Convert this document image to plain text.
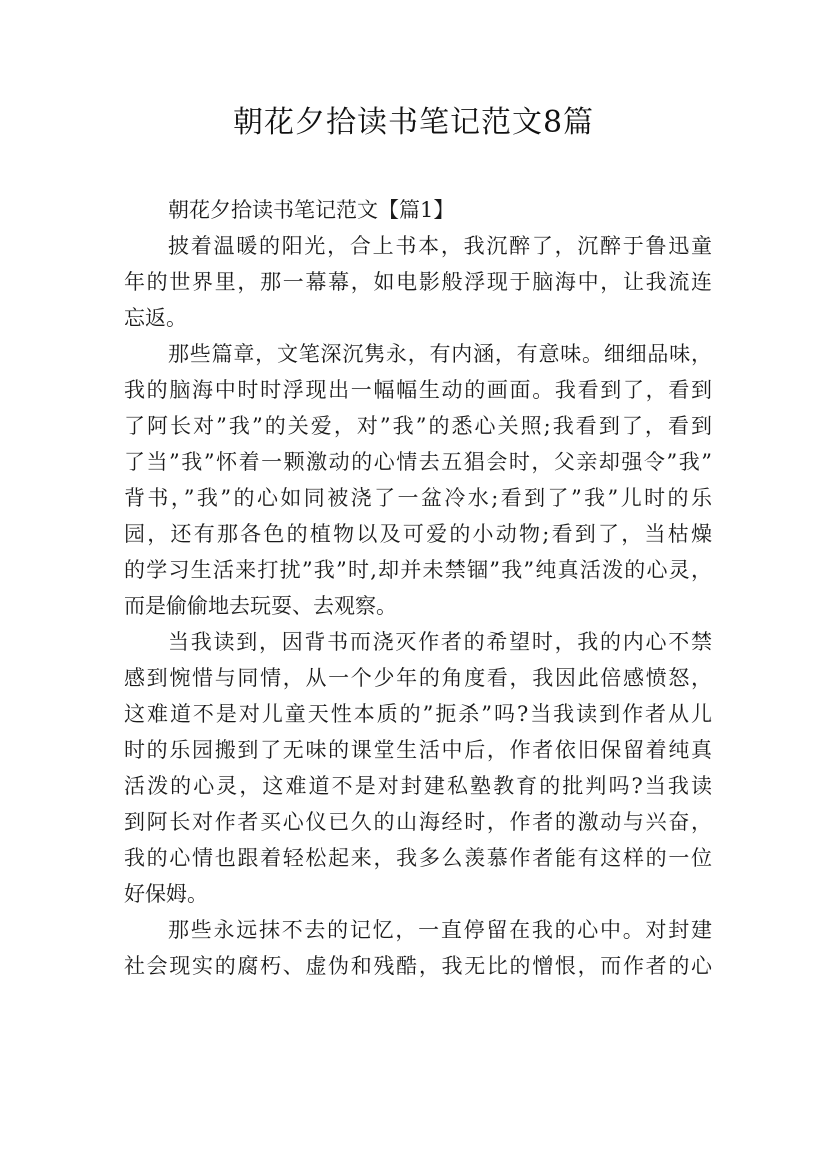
朝花夕拾读书笔记范文8篇

朝花夕拾读书笔记范文【篇1】

披着温暖的阳光，合上书本，我沉醉了，沉醉于鲁迅童
年的世界里，那一幕幕，如电影般浮现于脑海中，让我流连
忘返。

那些篇章，文笔深沉隽永，有内涵，有意味。细细品味，
我的脑海中时时浮现出一幅幅生动的画面。我看到了，看到
了阿长对”我”的关爱，对”我”的悉心关照;我看到了，看到
了当”我”怀着一颗激动的心情去五猖会时，父亲却强令”我”
背书，”我”的心如同被浇了一盆冷水;看到了”我”儿时的乐
园，还有那各色的植物以及可爱的小动物;看到了，当枯燥
的学习生活来打扰”我”时,却并未禁锢”我”纯真活泼的心灵，
而是偷偷地去玩耍、去观察。

当我读到，因背书而浇灭作者的希望时，我的内心不禁
感到惋惜与同情，从一个少年的角度看，我因此倍感愤怒，
这难道不是对儿童天性本质的”扼杀”吗?当我读到作者从儿
时的乐园搬到了无味的课堂生活中后，作者依旧保留着纯真
活泼的心灵，这难道不是对封建私塾教育的批判吗?当我读
到阿长对作者买心仪已久的山海经时，作者的激动与兴奋，
我的心情也跟着轻松起来，我多么羡慕作者能有这样的一位
好保姆。

那些永远抹不去的记忆，一直停留在我的心中。对封建
社会现实的腐朽、虚伪和残酷，我无比的憎恨，而作者的心
